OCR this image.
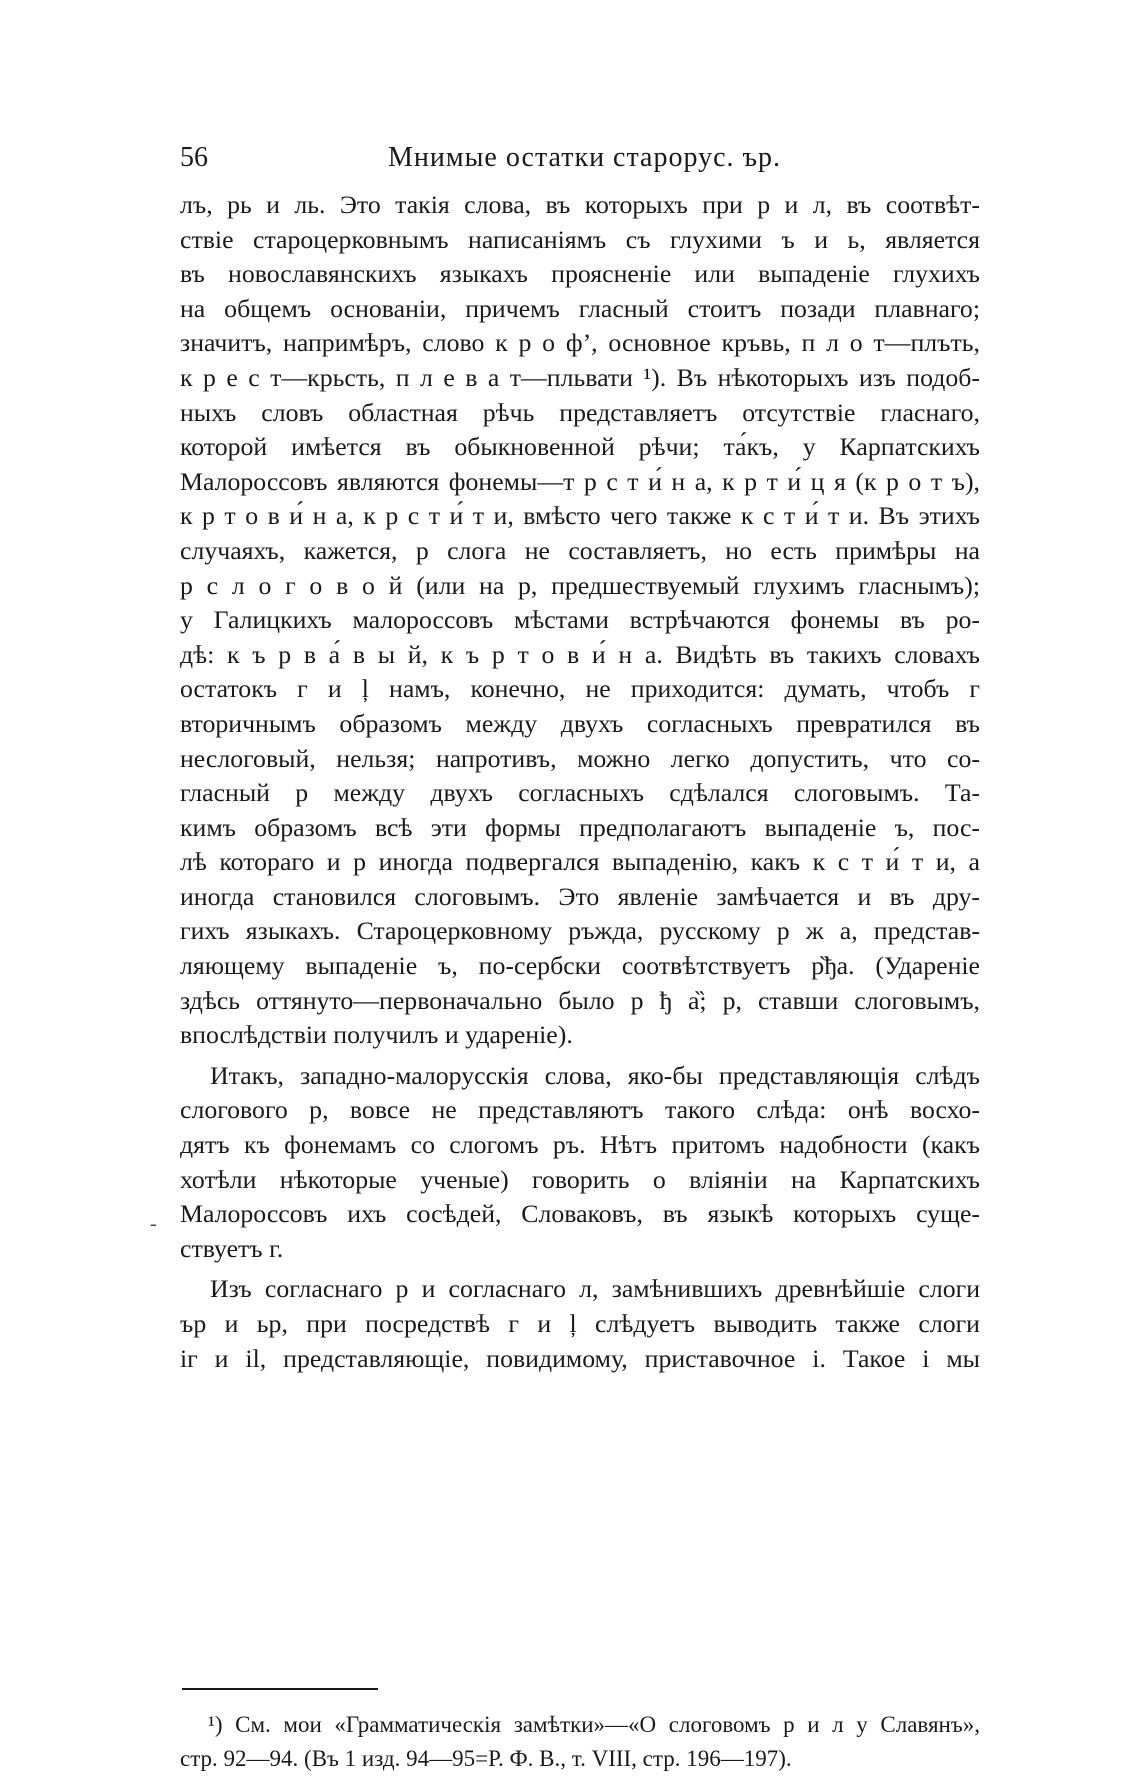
56	Мнимые остатки старорус. ър.
-
лъ, рь и ль. Это такія слова, въ которыхъ при р и л, въ соотвѣт-
ствіе староцерковнымъ написаніямъ съ глухими ъ и ь, является
въ новославянскихъ языкахъ проясненіе или выпаденіе глухихъ
на общемъ основаніи, причемъ гласный стоитъ позади плавнаго;
значитъ, напримѣръ, слово к р о ф’, основное кръвь, п л о т—плъть,
к р е с т—крьсть, п л е в а т—пльвати ¹). Въ нѣкоторыхъ изъ подоб-
ныхъ словъ областная рѣчь представляетъ отсутствіе гласнаго,
которой имѣется въ обыкновенной рѣчи; та́къ, у Карпатскихъ
Малороссовъ являются фонемы—т р с т и́ н а, к р т и́ ц я (к р о т ъ),
к р т о в и́ н а, к р с т и́ т и, вмѣсто чего также к с т и́ т и. Въ этихъ
случаяхъ, кажется, р слога не составляетъ, но есть примѣры на
р с л о г о в о й (или на р, предшествуемый глухимъ гласнымъ);
у Галицкихъ малороссовъ мѣстами встрѣчаются фонемы въ ро-
дѣ: к ъ р в а́ в ы й, к ъ р т о в и́ н а. Видѣть въ такихъ словахъ
остатокъ г и ļ намъ, конечно, не приходится: думать, чтобъ г
вторичнымъ образомъ между двухъ согласныхъ превратился въ
неслоговый, нельзя; напротивъ, можно легко допустить, что со-
гласный р между двухъ согласныхъ сдѣлался слоговымъ. Та-
кимъ образомъ всѣ эти формы предполагаютъ выпаденіе ъ, пос-
лѣ котораго и р иногда подвергался выпаденію, какъ к с т и́ т и, а
иногда становился слоговымъ. Это явленіе замѣчается и въ дру-
гихъ языкахъ. Староцерковному ръжда, русскому р ж а, представ-
ляющему выпаденіе ъ, по-сербски соотвѣтствуетъ р̏ђа. (Удареніе
здѣсь оттянуто—первоначально было р ђ а̏; р, ставши слоговымъ,
впослѣдствіи получилъ и удареніе).
Итакъ, западно-малорусскія слова, яко-бы представляющія слѣдъ
слогового р, вовсе не представляютъ такого слѣда: онѣ восхо-
дятъ къ фонемамъ со слогомъ ръ. Нѣтъ притомъ надобности (какъ
хотѣли нѣкоторые ученые) говорить о вліяніи на Карпатскихъ
Малороссовъ ихъ сосѣдей, Словаковъ, въ языкѣ которыхъ суще-
ствуетъ г.
Изъ согласнаго р и согласнаго л, замѣнившихъ древнѣйшіе слоги
ър и ьр, при посредствѣ г и ļ слѣдуетъ выводить также слоги
іг и il, представляющіе, повидимому, приставочное і. Такое і мы
¹) См. мои «Грамматическія замѣтки»—«О слоговомъ р и л у Славянъ»,
стр. 92—94. (Въ 1 изд. 94—95=Р. Ф. В., т. VIII, стр. 196—197).
